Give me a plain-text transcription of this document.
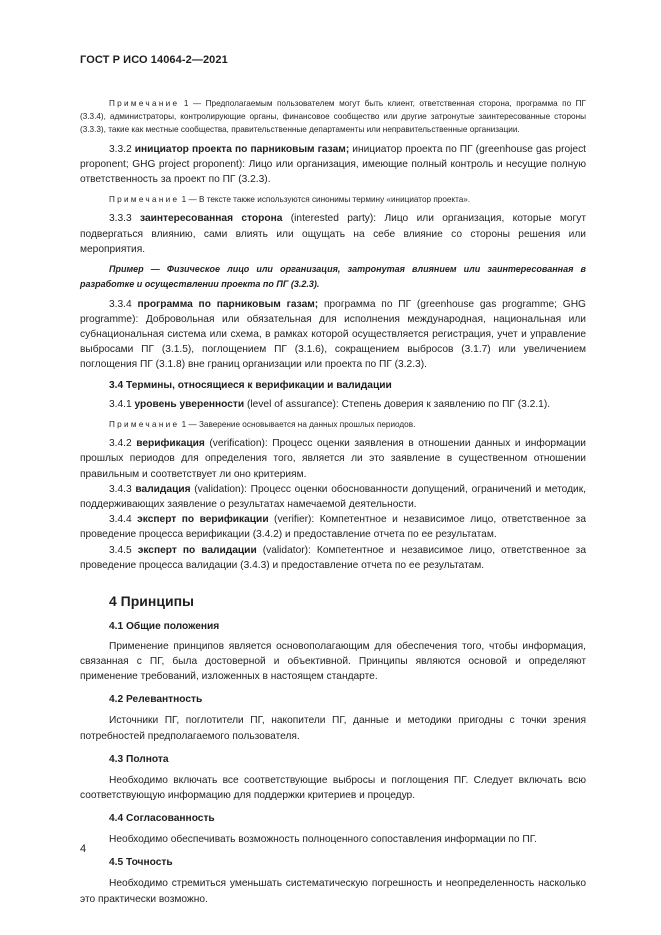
ГОСТ Р ИСО 14064-2—2021

Примечание 1 — Предполагаемым пользователем могут быть клиент, ответственная сторона, программа по ПГ (3.3.4), администраторы, контролирующие органы, финансовое сообщество или другие затронутые заинтересованные стороны (3.3.3), такие как местные сообщества, правительственные департаменты или неправительственные организации.

3.3.2 инициатор проекта по парниковым газам; инициатор проекта по ПГ (greenhouse gas project proponent; GHG project proponent): Лицо или организация, имеющие полный контроль и несущие полную ответственность за проект по ПГ (3.2.3).

Примечание 1 — В тексте также используются синонимы термину «инициатор проекта».

3.3.3 заинтересованная сторона (interested party): Лицо или организация, которые могут подвергаться влиянию, сами влиять или ощущать на себе влияние со стороны решения или мероприятия.

Пример — Физическое лицо или организация, затронутая влиянием или заинтересованная в разработке и осуществлении проекта по ПГ (3.2.3).

3.3.4 программа по парниковым газам; программа по ПГ (greenhouse gas programme; GHG programme): Добровольная или обязательная для исполнения международная, национальная или субнациональная система или схема, в рамках которой осуществляется регистрация, учет и управление выбросами ПГ (3.1.5), поглощением ПГ (3.1.6), сокращением выбросов (3.1.7) или увеличением поглощения ПГ (3.1.8) вне границ организации или проекта по ПГ (3.2.3).

3.4 Термины, относящиеся к верификации и валидации

3.4.1 уровень уверенности (level of assurance): Степень доверия к заявлению по ПГ (3.2.1).

Примечание 1 — Заверение основывается на данных прошлых периодов.

3.4.2 верификация (verification): Процесс оценки заявления в отношении данных и информации прошлых периодов для определения того, является ли это заявление в существенном отношении правильным и соответствует ли оно критериям.

3.4.3 валидация (validation): Процесс оценки обоснованности допущений, ограничений и методик, поддерживающих заявление о результатах намечаемой деятельности.

3.4.4 эксперт по верификации (verifier): Компетентное и независимое лицо, ответственное за проведение процесса верификации (3.4.2) и предоставление отчета по ее результатам.

3.4.5 эксперт по валидации (validator): Компетентное и независимое лицо, ответственное за проведение процесса валидации (3.4.3) и предоставление отчета по ее результатам.

4 Принципы
4.1 Общие положения

Применение принципов является основополагающим для обеспечения того, чтобы информация, связанная с ПГ, была достоверной и объективной. Принципы являются основой и определяют применение требований, изложенных в настоящем стандарте.

4.2 Релевантность

Источники ПГ, поглотители ПГ, накопители ПГ, данные и методики пригодны с точки зрения потребностей предполагаемого пользователя.

4.3 Полнота

Необходимо включать все соответствующие выбросы и поглощения ПГ. Следует включать всю соответствующую информацию для поддержки критериев и процедур.

4.4 Согласованность

Необходимо обеспечивать возможность полноценного сопоставления информации по ПГ.

4.5 Точность

Необходимо стремиться уменьшать систематическую погрешность и неопределенность насколько это практически возможно.

4
